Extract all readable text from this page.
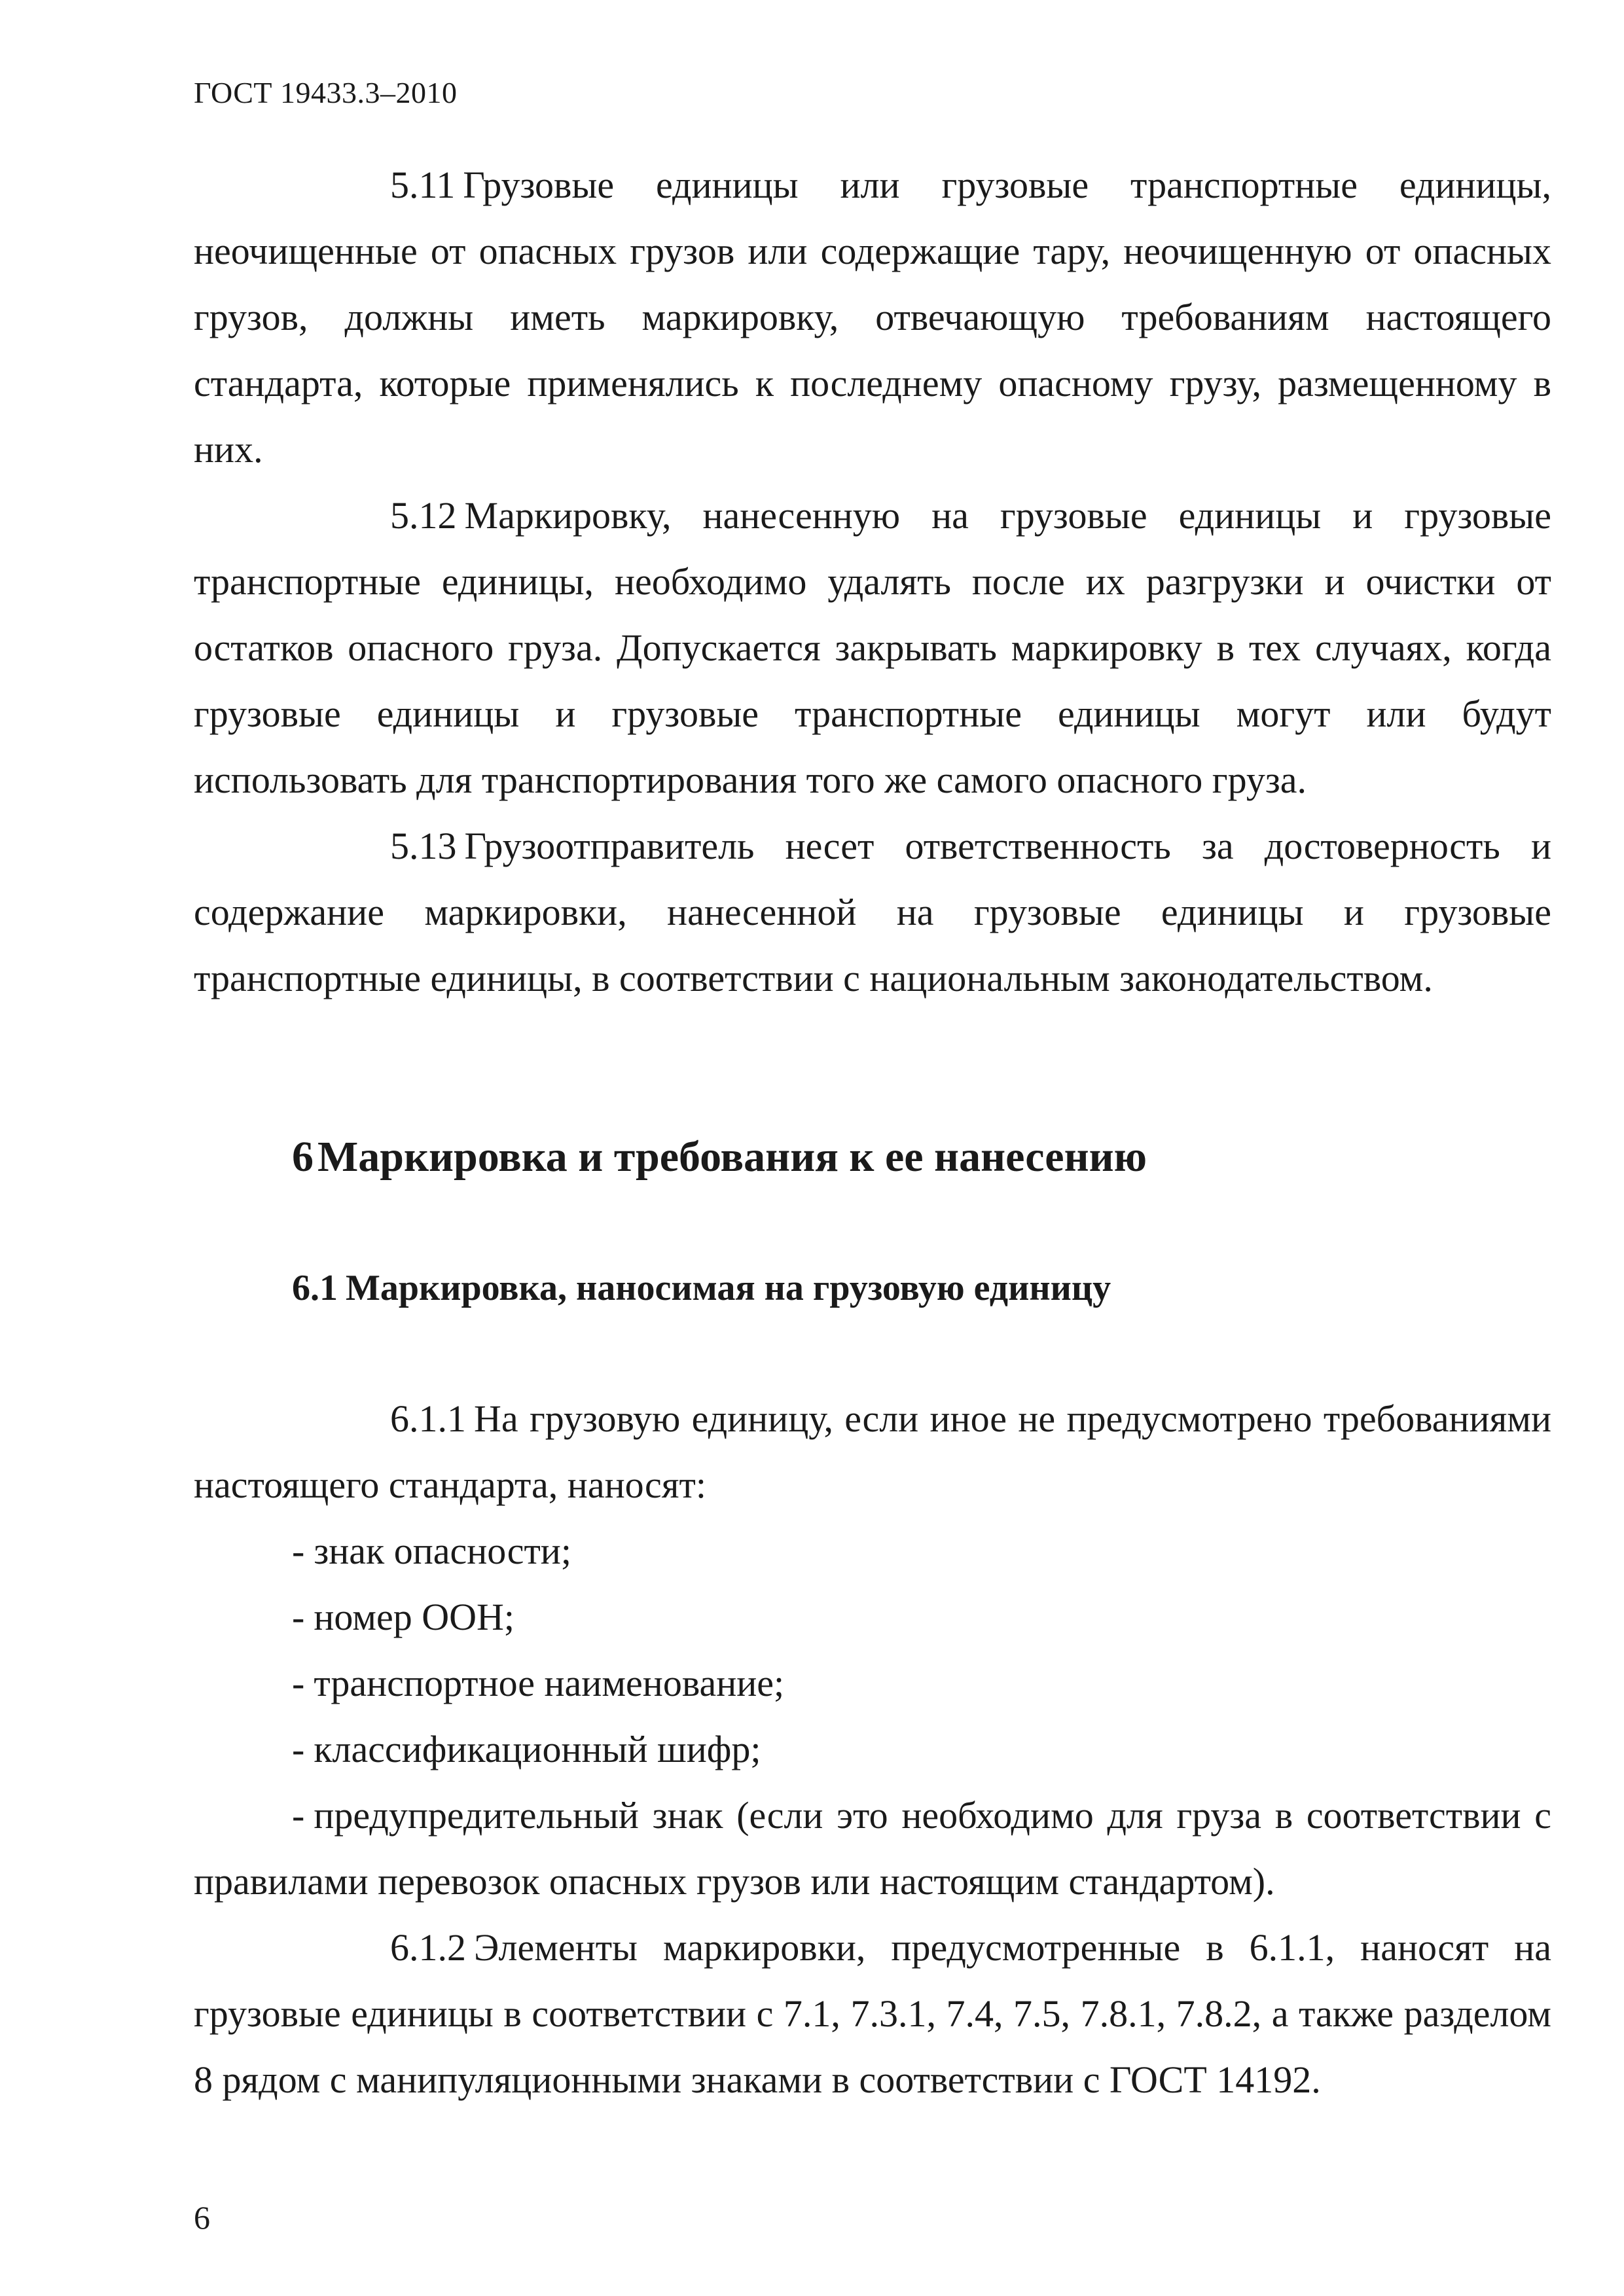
ГОСТ 19433.3–2010

5.11 Грузовые единицы или грузовые транспортные единицы, неочищенные от опасных грузов или содержащие тару, неочищенную от опасных грузов, должны иметь маркировку, отвечающую требованиям настоящего стандарта, которые применялись к последнему опасному грузу, размещенному в них.

5.12 Маркировку, нанесенную на грузовые единицы и грузовые транспортные единицы, необходимо удалять после их разгрузки и очистки от остатков опасного груза. Допускается закрывать маркировку в тех случаях, когда грузовые единицы и грузовые транспортные единицы могут или будут использовать для транспортирования того же самого опасного груза.

5.13 Грузоотправитель несет ответственность за достоверность и содержание маркировки, нанесенной на грузовые единицы и грузовые транспортные единицы, в соответствии с национальным законодательством.

6Маркировка и требования к ее нанесению
6.1 Маркировка, наносимая на грузовую единицу

6.1.1 На грузовую единицу, если иное не предусмотрено требованиями настоящего стандарта, наносят:

- знак опасности;
- номер ООН;
- транспортное наименование;
- классификационный шифр;
- предупредительный знак (если это необходимо для груза в соответствии с правилами перевозок опасных грузов или настоящим стандартом).

6.1.2 Элементы маркировки, предусмотренные в 6.1.1, наносят на грузовые единицы в соответствии с 7.1, 7.3.1, 7.4, 7.5, 7.8.1, 7.8.2, а также разделом 8 рядом с манипуляционными знаками в соответствии с ГОСТ 14192.

6
